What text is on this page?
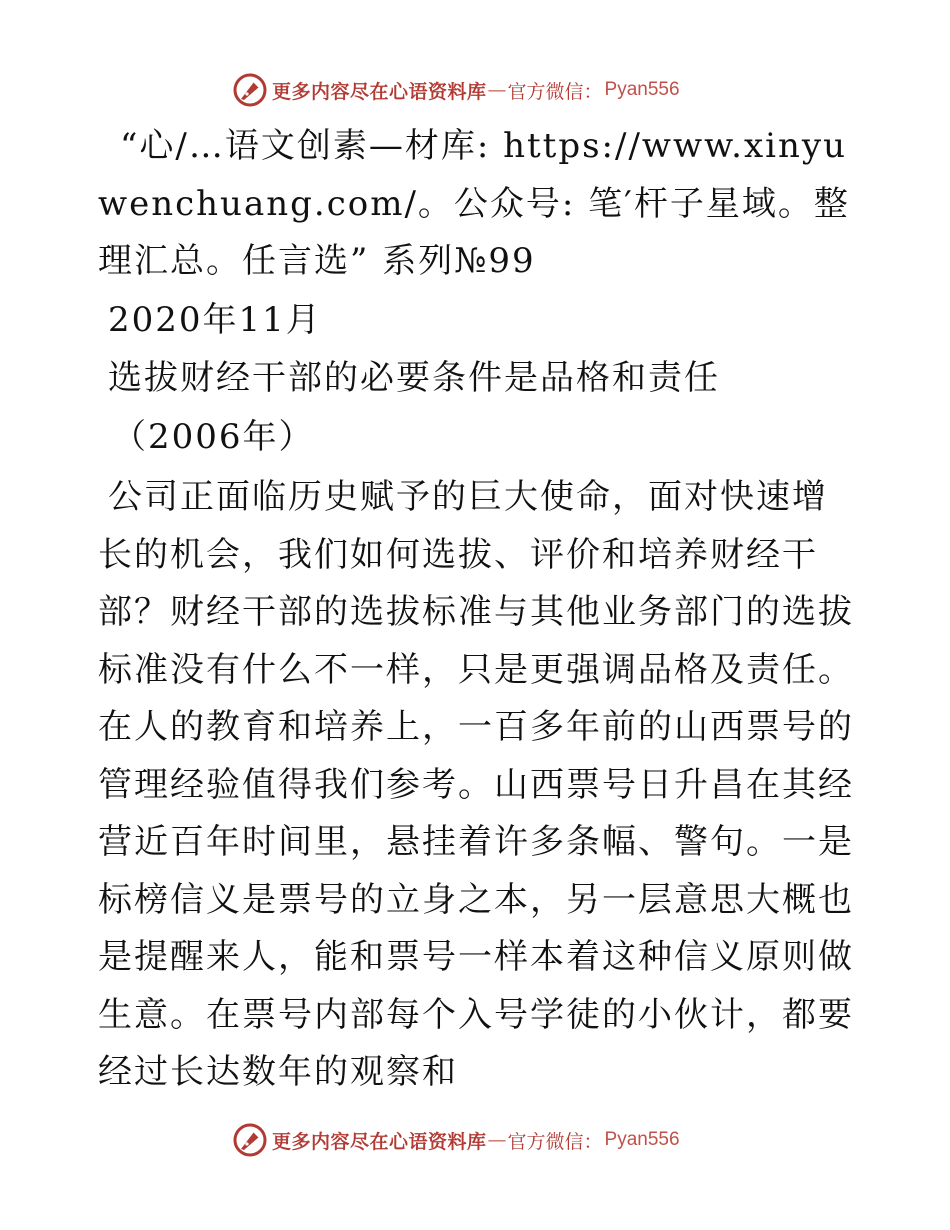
更多内容尽在心语资料库 — 官方微信： Pyan556

“心/…语文创素—材库: https://www.xinyuwenchuang.com/。公众号: 笔′杆子星域。整理汇总。任言选” 系列№99

2020年11月

选拔财经干部的必要条件是品格和责任

（2006年）

公司正面临历史赋予的巨大使命，面对快速增长的机会，我们如何选拔、评价和培养财经干部？财经干部的选拔标准与其他业务部门的选拔标准没有什么不一样，只是更强调品格及责任。在人的教育和培养上，一百多年前的山西票号的管理经验值得我们参考。山西票号日升昌在其经营近百年时间里，悬挂着许多条幅、警句。一是标榜信义是票号的立身之本，另一层意思大概也是提醒来人，能和票号一样本着这种信义原则做生意。在票号内部每个入号学徒的小伙计，都要经过长达数年的观察和

更多内容尽在心语资料库 — 官方微信： Pyan556
